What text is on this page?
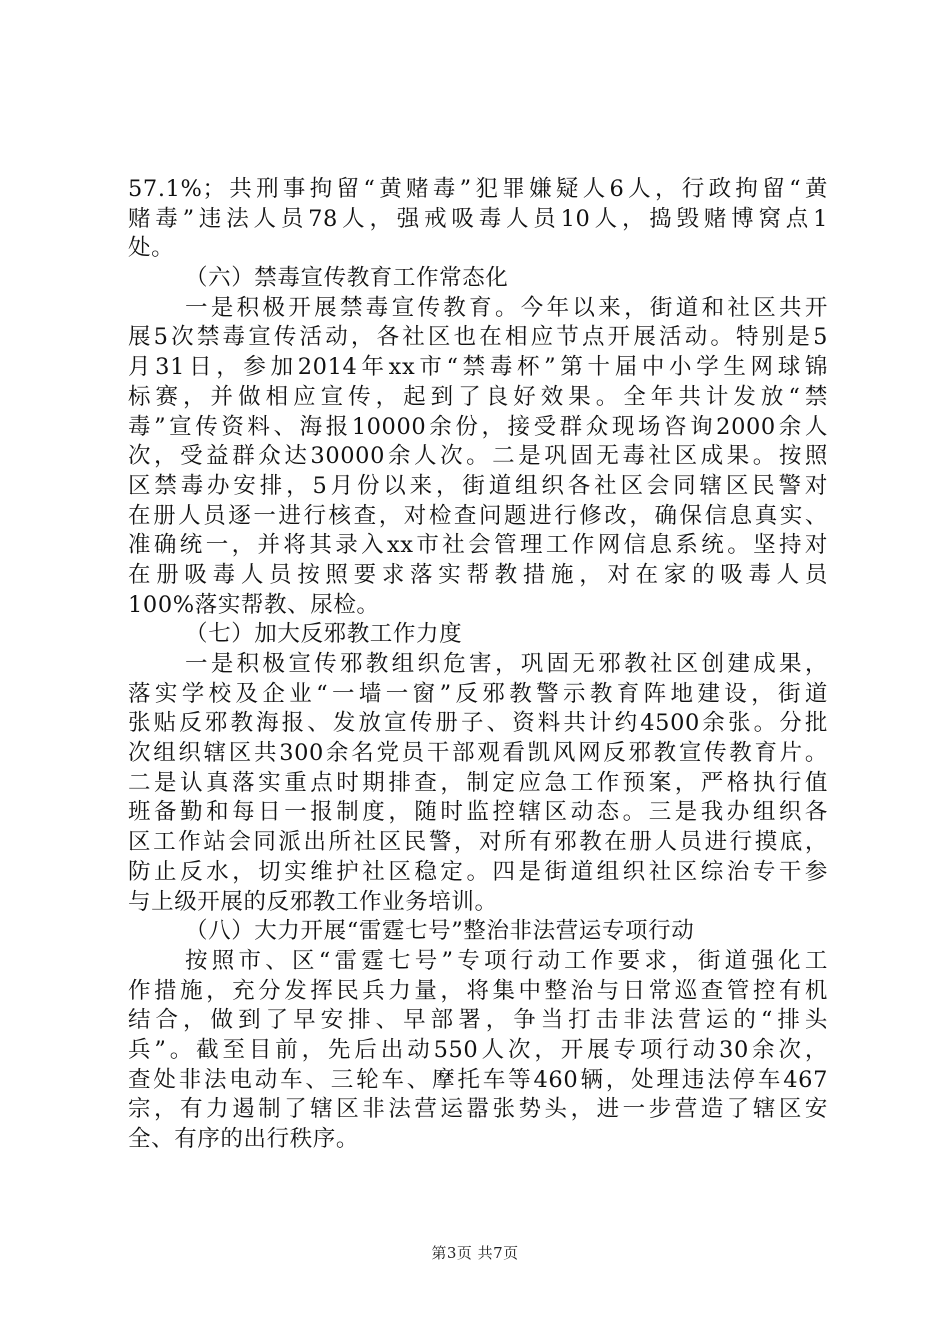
57.1%；共刑事拘留“黄赌毒”犯罪嫌疑人6人，行政拘留“黄
赌毒”违法人员78人，强戒吸毒人员10人，捣毁赌博窝点1
处。
（六）禁毒宣传教育工作常态化
一是积极开展禁毒宣传教育。今年以来，街道和社区共开
展5次禁毒宣传活动，各社区也在相应节点开展活动。特别是5
月31日，参加2014年xx市“禁毒杯”第十届中小学生网球锦
标赛，并做相应宣传，起到了良好效果。全年共计发放“禁
毒”宣传资料、海报10000余份，接受群众现场咨询2000余人
次，受益群众达30000余人次。二是巩固无毒社区成果。按照
区禁毒办安排，5月份以来，街道组织各社区会同辖区民警对
在册人员逐一进行核查，对检查问题进行修改，确保信息真实、
准确统一，并将其录入xx市社会管理工作网信息系统。坚持对
在册吸毒人员按照要求落实帮教措施，对在家的吸毒人员
100%落实帮教、尿检。
（七）加大反邪教工作力度
一是积极宣传邪教组织危害，巩固无邪教社区创建成果，
落实学校及企业“一墙一窗”反邪教警示教育阵地建设，街道
张贴反邪教海报、发放宣传册子、资料共计约4500余张。分批
次组织辖区共300余名党员干部观看凯风网反邪教宣传教育片。
二是认真落实重点时期排查，制定应急工作预案，严格执行值
班备勤和每日一报制度，随时监控辖区动态。三是我办组织各
区工作站会同派出所社区民警，对所有邪教在册人员进行摸底，
防止反水，切实维护社区稳定。四是街道组织社区综治专干参
与上级开展的反邪教工作业务培训。
（八）大力开展“雷霆七号”整治非法营运专项行动
按照市、区“雷霆七号”专项行动工作要求，街道强化工
作措施，充分发挥民兵力量，将集中整治与日常巡查管控有机
结合，做到了早安排、早部署，争当打击非法营运的“排头
兵”。截至目前，先后出动550人次，开展专项行动30余次，
查处非法电动车、三轮车、摩托车等460辆，处理违法停车467
宗，有力遏制了辖区非法营运嚣张势头，进一步营造了辖区安
全、有序的出行秩序。
第3页 共7页
